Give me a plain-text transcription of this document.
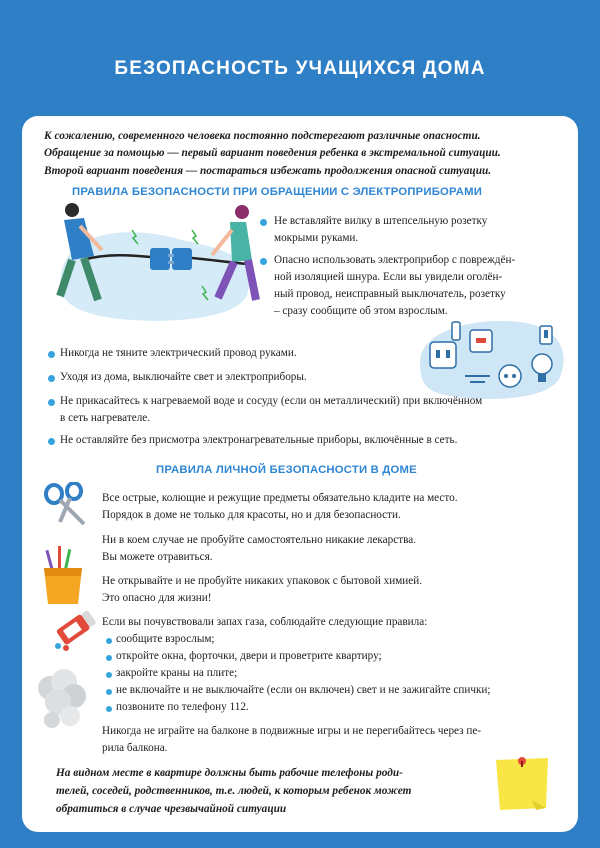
БЕЗОПАСНОСТЬ УЧАЩИХСЯ ДОМА
К сожалению, современного человека постоянно подстерегают различные опасности.
Обращение за помощью — первый вариант поведения ребенка в экстремальной ситуации.
Второй вариант поведения — постараться избежать продолжения опасной ситуации.
ПРАВИЛА БЕЗОПАСНОСТИ ПРИ ОБРАЩЕНИИ С ЭЛЕКТРОПРИБОРАМИ
Не вставляйте вилку в штепсельную розетку
мокрыми руками.
Опасно использовать электроприбор с повреждён-
ной изоляцией шнура. Если вы увидели оголён-
ный провод, неисправный выключатель, розетку
– сразу сообщите об этом взрослым.
Никогда не тяните электрический провод руками.
Уходя из дома, выключайте свет и электроприборы.
Не прикасайтесь к нагреваемой воде и сосуду (если он металлический) при включённом
в сеть нагревателе.
Не оставляйте без присмотра электронагревательные приборы, включённые в сеть.
ПРАВИЛА ЛИЧНОЙ БЕЗОПАСНОСТИ В ДОМЕ
Все острые, колющие и режущие предметы обязательно кладите на место.
Порядок в доме не только для красоты, но и для безопасности.
Ни в коем случае не пробуйте самостоятельно никакие лекарства.
Вы можете отравиться.
Не открывайте и не пробуйте никаких упаковок с бытовой химией.
Это опасно для жизни!
Если вы почувствовали запах газа, соблюдайте следующие правила:
сообщите взрослым;
откройте окна, форточки, двери и проветрите квартиру;
закройте краны на плите;
не включайте и не выключайте (если он включен) свет и не зажигайте спички;
позвоните по телефону 112.
Никогда не играйте на балконе в подвижные игры и не перегибайтесь через пе-
рила балкона.
На видном месте в квартире должны быть рабочие телефоны роди-
телей, соседей, родственников, т.е. людей, к которым ребенок может
обратиться в случае чрезвычайной ситуации
